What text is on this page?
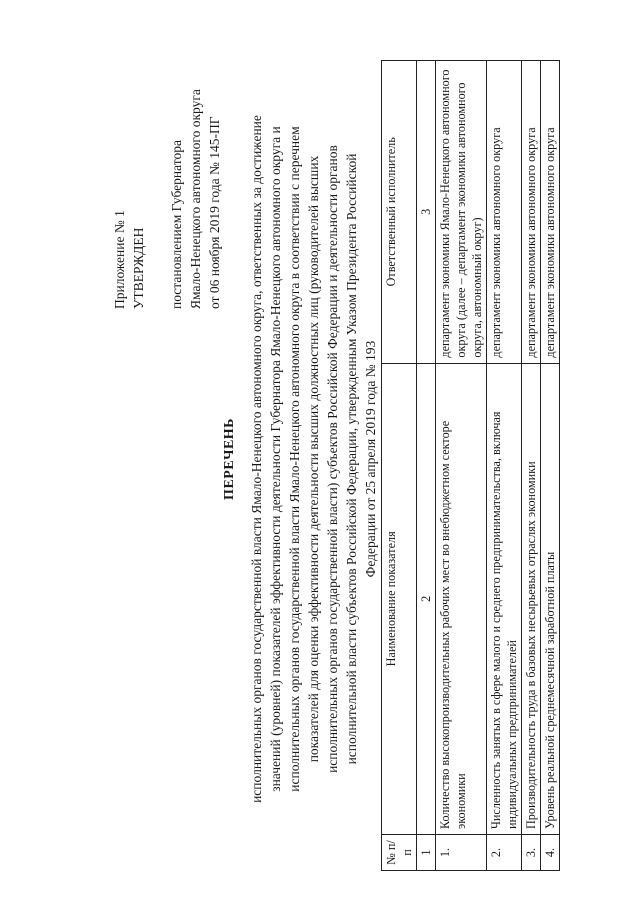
Приложение № 1 УТВЕРЖДЕН постановлением Губернатора Ямало-Ненецкого автономного округа от 06 ноября 2019 года № 145-ПГ
ПЕРЕЧЕНЬ исполнительных органов государственной власти Ямало-Ненецкого автономного округа, ответственных за достижение значений (уровней) показателей эффективности деятельности Губернатора Ямало-Ненецкого автономного округа и исполнительных органов государственной власти Ямало-Ненецкого автономного округа в соответствии с перечнем показателей для оценки эффективности деятельности высших должностных лиц (руководителей высших исполнительных органов государственной власти) субъектов Российской Федерации и деятельности органов исполнительной власти субъектов Российской Федерации, утвержденным Указом Президента Российской Федерации от 25 апреля 2019 года № 193
№ п/п	Наименование показателя	Ответственный исполнитель
1	2	3
1.	Количество высокопроизводительных рабочих мест во внебюджетном секторе экономики	департамент экономики Ямало-Ненецкого автономного округа (далее – департамент экономики автономного округа, автономный округ)
2.	Численность занятых в сфере малого и среднего предпринимательства, включая индивидуальных предпринимателей	департамент экономики автономного округа
3.	Производительность труда в базовых несырьевых отраслях экономики	департамент экономики автономного округа
4.	Уровень реальной среднемесячной заработной платы	департамент экономики автономного округа
